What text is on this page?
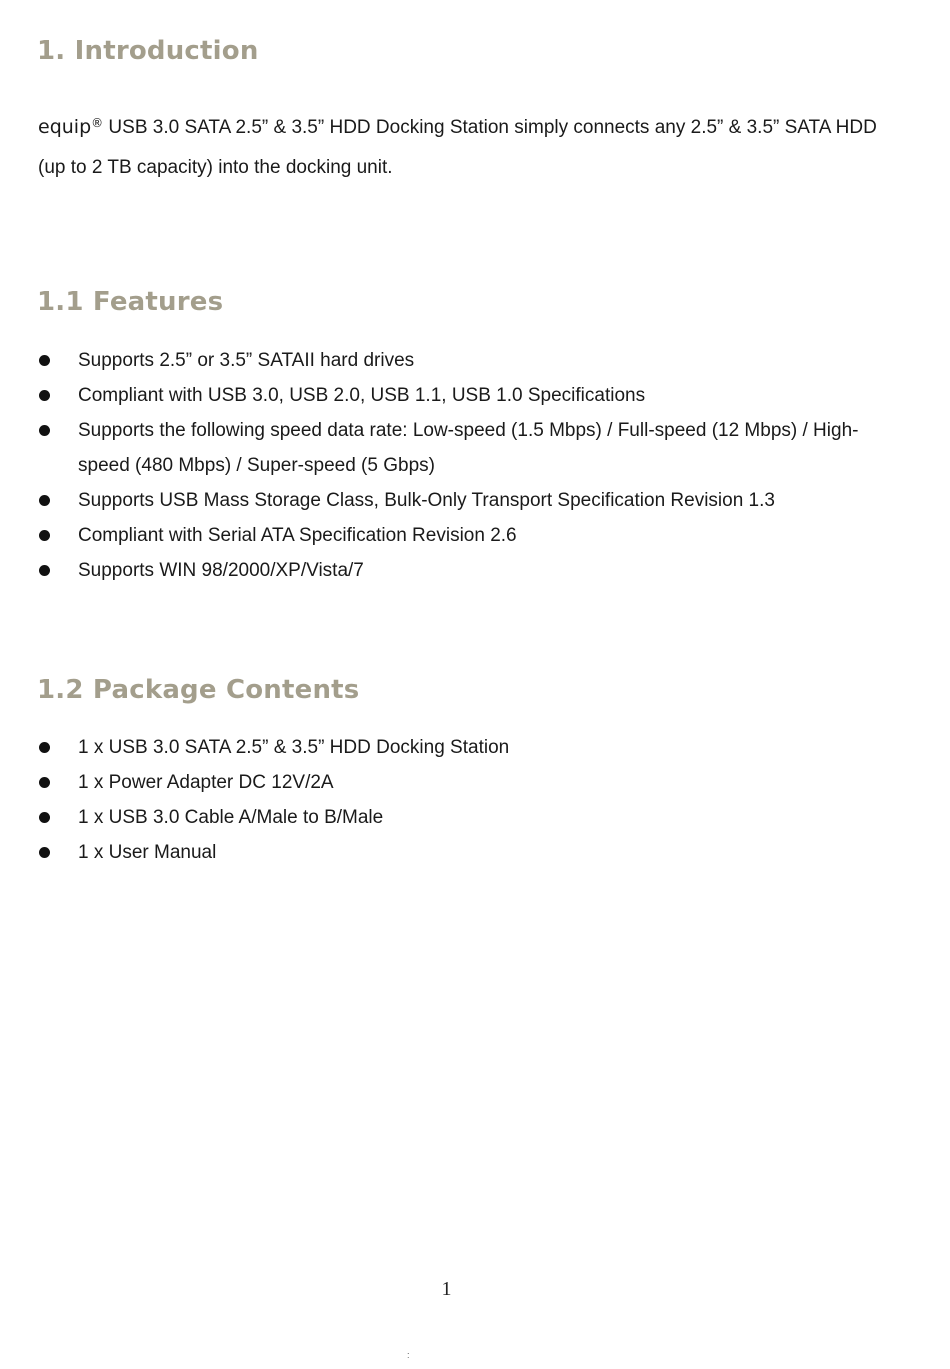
1. Introduction

equip® USB 3.0 SATA 2.5” & 3.5” HDD Docking Station simply connects any 2.5” & 3.5” SATA HDD (up to 2 TB capacity) into the docking unit.

1.1 Features
Supports 2.5” or 3.5” SATAII hard drives
Compliant with USB 3.0, USB 2.0, USB 1.1, USB 1.0 Specifications
Supports the following speed data rate: Low-speed (1.5 Mbps) / Full-speed (12 Mbps) / High-speed (480 Mbps) / Super-speed (5 Gbps)
Supports USB Mass Storage Class, Bulk-Only Transport Specification Revision 1.3
Compliant with Serial ATA Specification Revision 2.6
Supports WIN 98/2000/XP/Vista/7
1.2 Package Contents
1 x USB 3.0 SATA 2.5” & 3.5” HDD Docking Station
1 x Power Adapter DC 12V/2A
1 x USB 3.0 Cable A/Male to B/Male
1 x User Manual
1
:
